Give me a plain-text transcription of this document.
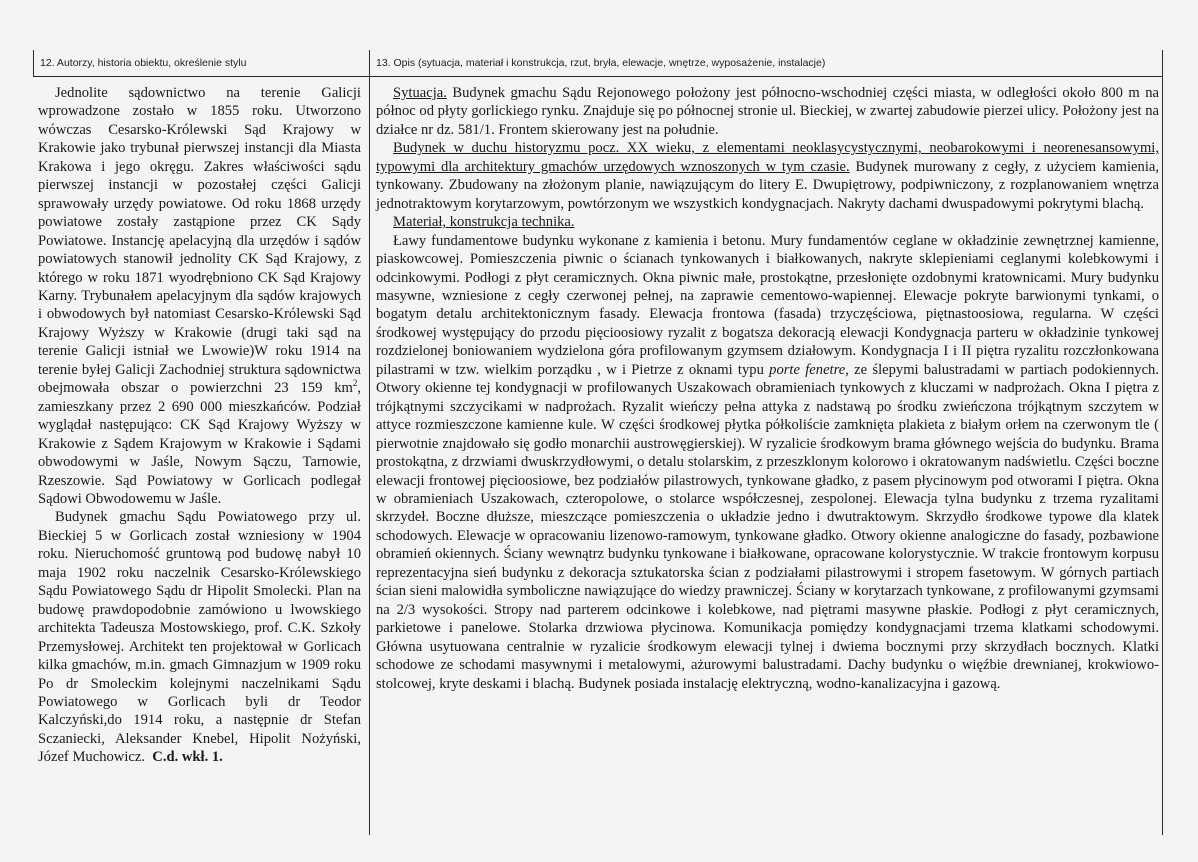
12. Autorzy, historia obiektu, określenie stylu	13. Opis (sytuacja, materiał i konstrukcja, rzut, bryła, elewacje, wnętrze, wyposażenie, instalacje)

Jednolite sądownictwo na terenie Galicji wprowadzone zostało w 1855 roku. Utworzono wówczas Cesarsko-Królewski Sąd Krajowy w Krakowie jako trybunał pierwszej instancji dla Miasta Krakowa i jego okręgu. Zakres właściwości sądu pierwszej instancji w pozostałej części Galicji sprawowały urzędy powiatowe. Od roku 1868 urzędy powiatowe zostały zastąpione przez CK Sądy Powiatowe. Instancję apelacyjną dla urzędów i sądów powiatowych stanowił jednolity CK Sąd Krajowy, z którego w roku 1871 wyodrębniono CK Sąd Krajowy Karny. Trybunałem apelacyjnym dla sądów krajowych i obwodowych był natomiast Cesarsko-Królewski Sąd Krajowy Wyższy w Krakowie (drugi taki sąd na terenie Galicji istniał we Lwowie)W roku 1914 na terenie byłej Galicji Zachodniej struktura sądownictwa obejmowała obszar o powierzchni 23 159 $km^2$, zamieszkany przez 2 690 000 mieszkańców. Podział wyglądał następująco: CK Sąd Krajowy Wyższy w Krakowie z Sądem Krajowym w Krakowie i Sądami obwodowymi w Jaśle, Nowym Sączu, Tarnowie, Rzeszowie. Sąd Powiatowy w Gorlicach podlegał Sądowi Obwodowemu w Jaśle.

Budynek gmachu Sądu Powiatowego przy ul. Bieckiej 5 w Gorlicach został wzniesiony w 1904 roku. Nieruchomość gruntową pod budowę nabył 10 maja 1902 roku naczelnik Cesarsko-Królewskiego Sądu Powiatowego Sądu dr Hipolit Smolecki. Plan na budowę prawdopodobnie zamówiono u lwowskiego architekta Tadeusza Mostowskiego, prof. C.K. Szkoły Przemysłowej. Architekt ten projektował w Gorlicach kilka gmachów, m.in. gmach Gimnazjum w 1909 roku Po dr Smoleckim kolejnymi naczelnikami Sądu Powiatowego w Gorlicach byli dr Teodor Kalczyński,do 1914 roku, a następnie dr Stefan Sczaniecki, Aleksander Knebel, Hipolit Nożyński, Józef Muchowicz. C.d. wkł. 1.

Sytuacja. Budynek gmachu Sądu Rejonowego położony jest północno-wschodniej części miasta, w odległości około 800 m na północ od płyty gorlickiego rynku. Znajduje się po północnej stronie ul. Bieckiej, w zwartej zabudowie pierzei ulicy. Położony jest na działce nr dz. 581/1. Frontem skierowany jest na południe.

Budynek w duchu historyzmu pocz. XX wieku, z elementami neoklasycystycznymi, neobarokowymi i neorenesansowymi, typowymi dla architektury gmachów urzędowych wznoszonych w tym czasie. Budynek murowany z cegły, z użyciem kamienia, tynkowany. Zbudowany na złożonym planie, nawiązującym do litery E. Dwupiętrowy, podpiwniczony, z rozplanowaniem wnętrza jednotraktowym korytarzowym, powtórzonym we wszystkich kondygnacjach. Nakryty dachami dwuspadowymi pokrytymi blachą.

Materiał, konstrukcja technika.

Ławy fundamentowe budynku wykonane z kamienia i betonu. Mury fundamentów ceglane w okładzinie zewnętrznej kamienne, piaskowcowej. Pomieszczenia piwnic o ścianach tynkowanych i białkowanych, nakryte sklepieniami ceglanymi kolebkowymi i odcinkowymi. Podłogi z płyt ceramicznych. Okna piwnic małe, prostokątne, przesłonięte ozdobnymi kratownicami. Mury budynku masywne, wzniesione z cegły czerwonej pełnej, na zaprawie cementowo-wapiennej. Elewacje pokryte barwionymi tynkami, o bogatym detalu architektonicznym fasady. Elewacja frontowa (fasada) trzyczęściowa, piętnastoosiowa, regularna. W części środkowej występujący do przodu pięcioosiowy ryzalit z bogatsza dekoracją elewacji Kondygnacja parteru w okładzinie tynkowej rozdzielonej boniowaniem wydzielona góra profilowanym gzymsem działowym. Kondygnacja I i II piętra ryzalitu rozczłonkowana pilastrami w tzw. wielkim porządku , w i Pietrze z oknami typu porte fenetre, ze ślepymi balustradami w partiach podokiennych. Otwory okienne tej kondygnacji w profilowanych Uszakowach obramieniach tynkowych z kluczami w nadprożach. Okna I piętra z trójkątnymi szczycikami w nadprożach. Ryzalit wieńczy pełna attyka z nadstawą po środku zwieńczona trójkątnym szczytem w attyce rozmieszczone kamienne kule. W części środkowej płytka półkoliście zamknięta plakieta z białym orłem na czerwonym tle ( pierwotnie znajdowało się godło monarchii austrowęgierskiej). W ryzalicie środkowym brama głównego wejścia do budynku. Brama prostokątna, z drzwiami dwuskrzydłowymi, o detalu stolarskim, z przeszklonym kolorowo i okratowanym nadświetlu. Części boczne elewacji frontowej pięcioosiowe, bez podziałów pilastrowych, tynkowane gładko, z pasem płycinowym pod otworami I piętra. Okna w obramieniach Uszakowach, czteropolowe, o stolarce współczesnej, zespolonej. Elewacja tylna budynku z trzema ryzalitami skrzydeł. Boczne dłuższe, mieszczące pomieszczenia o układzie jedno i dwutraktowym. Skrzydło środkowe typowe dla klatek schodowych. Elewacje w opracowaniu lizenowo-ramowym, tynkowane gładko. Otwory okienne analogiczne do fasady, pozbawione obramień okiennych. Ściany wewnątrz budynku tynkowane i białkowane, opracowane kolorystycznie. W trakcie frontowym korpusu reprezentacyjna sień budynku z dekoracja sztukatorska ścian z podziałami pilastrowymi i stropem fasetowym. W górnych partiach ścian sieni malowidła symboliczne nawiązujące do wiedzy prawniczej. Ściany w korytarzach tynkowane, z profilowanymi gzymsami na 2/3 wysokości. Stropy nad parterem odcinkowe i kolebkowe, nad piętrami masywne płaskie. Podłogi z płyt ceramicznych, parkietowe i panelowe. Stolarka drzwiowa płycinowa. Komunikacja pomiędzy kondygnacjami trzema klatkami schodowymi. Główna usytuowana centralnie w ryzalicie środkowym elewacji tylnej i dwiema bocznymi przy skrzydłach bocznych. Klatki schodowe ze schodami masywnymi i metalowymi, ażurowymi balustradami. Dachy budynku o więźbie drewnianej, krokwiowo-stolcowej, kryte deskami i blachą. Budynek posiada instalację elektryczną, wodno-kanalizacyjna i gazową.
